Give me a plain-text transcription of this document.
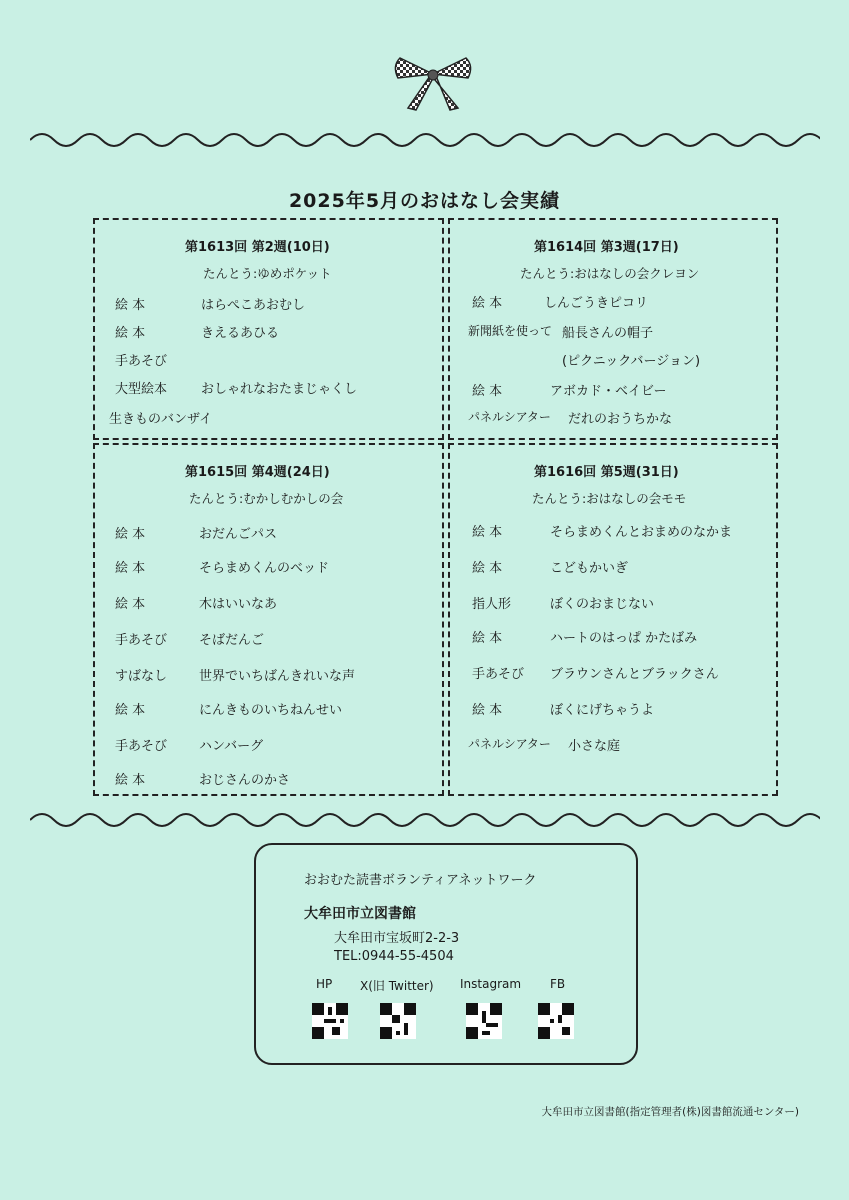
2025年5月のおはなし会実績
第1613回 第2週(10日)
たんとう:ゆめポケット
絵 本	はらぺこあおむし
絵 本	きえるあひる
手あそび
大型絵本	おしゃれなおたまじゃくし
生きものバンザイ
第1614回 第3週(17日)
たんとう:おはなしの会クレヨン
絵 本	しんごうきピコリ
新聞紙を使って 船長さんの帽子
(ピクニックバージョン)
絵 本	アボカド・ベイビー
パネルシアター だれのおうちかな
第1615回 第4週(24日)
たんとう:むかしむかしの会
絵 本	おだんごパス
絵 本	そらまめくんのベッド
絵 本	木はいいなあ
手あそび そばだんご
すばなし 世界でいちばんきれいな声
絵 本	にんきものいちねんせい
手あそび ハンバーグ
絵 本	おじさんのかさ
第1616回 第5週(31日)
たんとう:おはなしの会モモ
絵 本	そらまめくんとおまめのなかま
絵 本	こどもかいぎ
指人形	ぼくのおまじない
絵 本	ハートのはっぱ かたばみ
手あそび ブラウンさんとブラックさん
絵 本	ぼくにげちゃうよ
パネルシアター 小さな庭
おおむた読書ボランティアネットワーク
大牟田市立図書館
大牟田市宝坂町2-2-3
TEL:0944-55-4504
HP X(旧 Twitter) Instagram FB
大牟田市立図書館(指定管理者(株)図書館流通センター)
